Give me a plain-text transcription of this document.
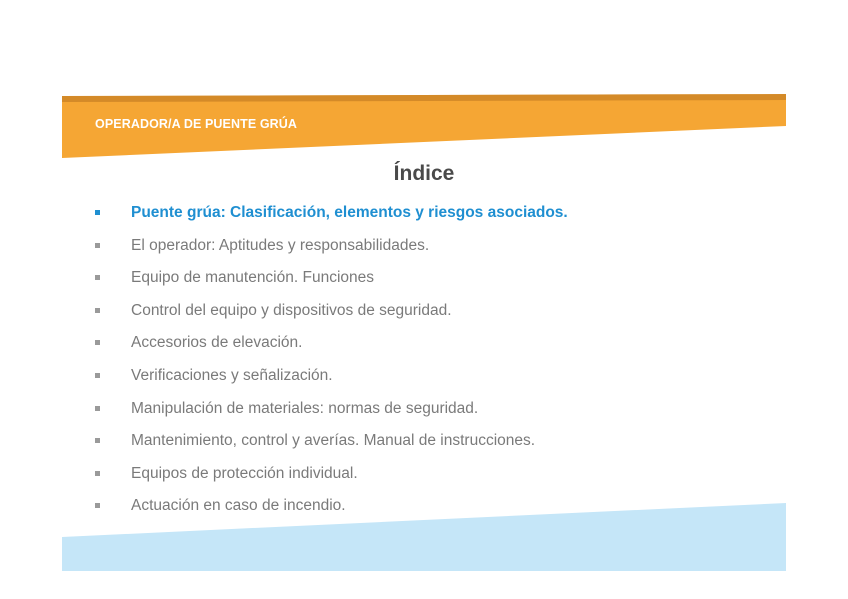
OPERADOR/A DE PUENTE GRÚA
Índice
Puente grúa: Clasificación, elementos y riesgos asociados.
El operador: Aptitudes y responsabilidades.
Equipo de manutención. Funciones
Control del equipo y dispositivos de seguridad.
Accesorios de elevación.
Verificaciones y señalización.
Manipulación de materiales: normas de seguridad.
Mantenimiento, control y averías. Manual de instrucciones.
Equipos de protección individual.
Actuación en caso de incendio.
